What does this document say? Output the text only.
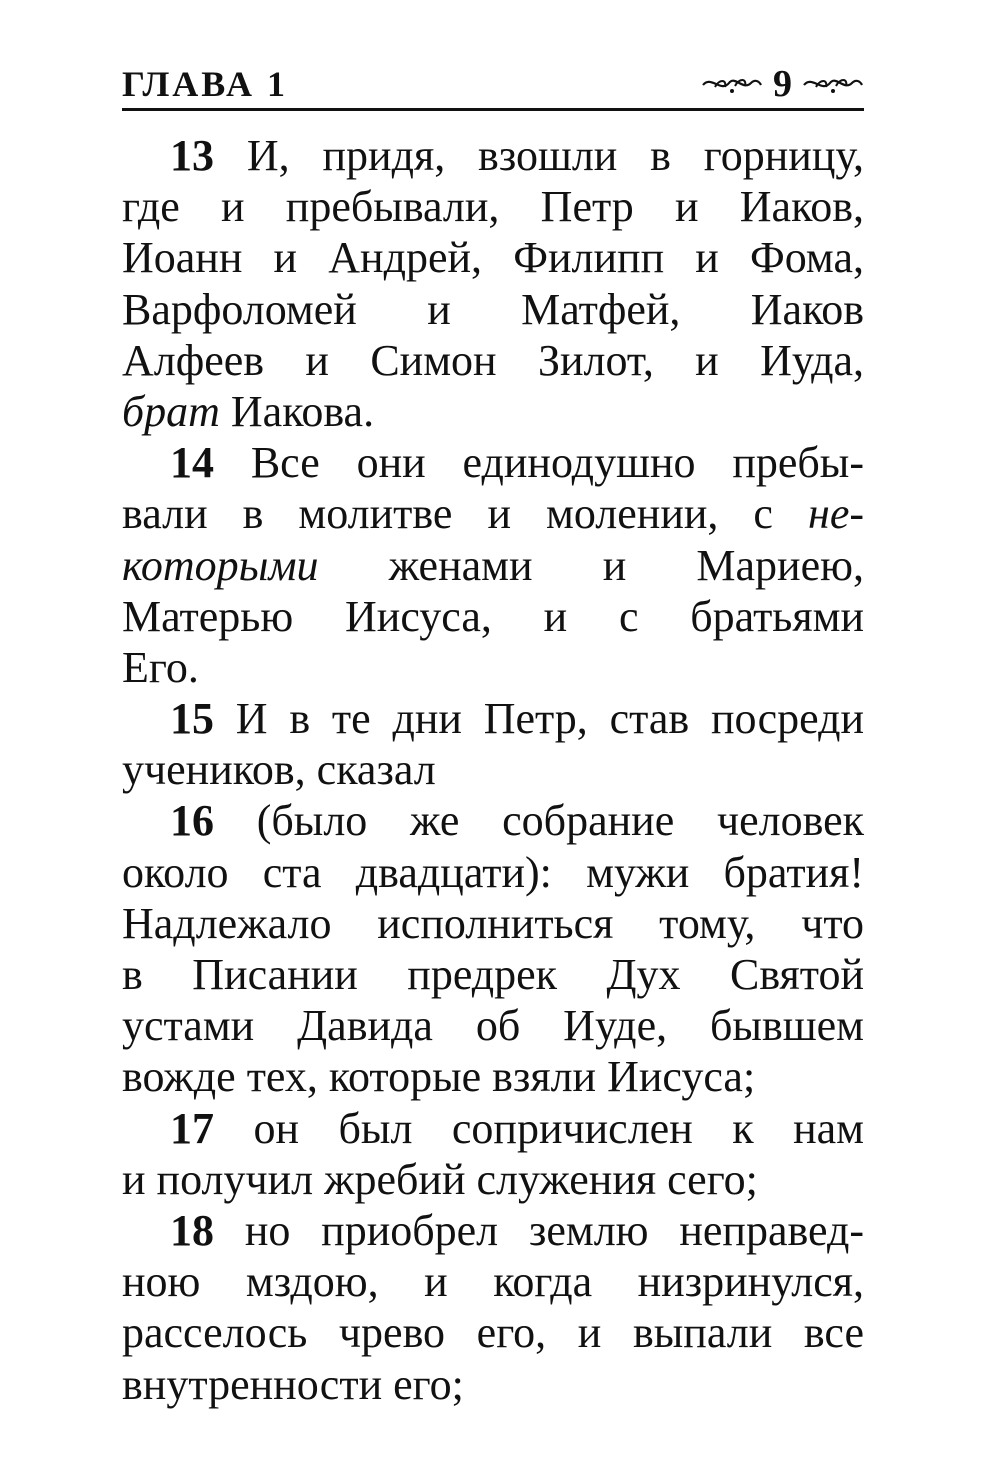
ГЛАВА 1	9

13 И, придя, взошли в горницу,
где и пребывали, Петр и Иаков,
Иоанн и Андрей, Филипп и Фома,
Варфоломей и Матфей, Иаков
Алфеев и Симон Зилот, и Иуда,
брат Иакова.

14 Все они единодушно пребы-
вали в молитве и молении, с не-
которыми женами и Мариею,
Матерью Иисуса, и с братьями
Его.

15 И в те дни Петр, став посреди
учеников, сказал

16 (было же собрание человек
около ста двадцати): мужи братия!
Надлежало исполниться тому, что
в Писании предрек Дух Святой
устами Давида об Иуде, бывшем
вожде тех, которые взяли Иисуса;

17 он был сопричислен к нам
и получил жребий служения сего;

18 но приобрел землю неправед-
ною мздою, и когда низринулся,
расселось чрево его, и выпали все
внутренности его;
